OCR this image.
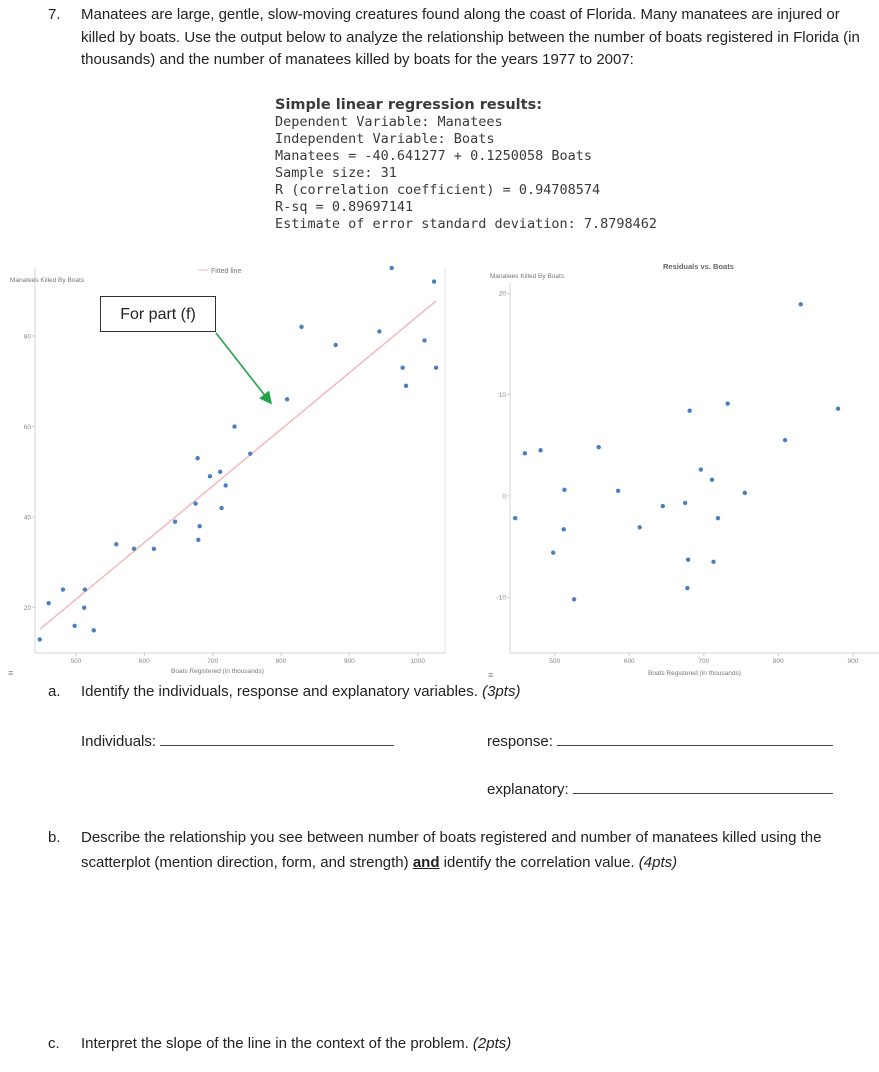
7. Manatees are large, gentle, slow-moving creatures found along the coast of Florida. Many manatees are injured or killed by boats. Use the output below to analyze the relationship between the number of boats registered in Florida (in thousands) and the number of manatees killed by boats for the years 1977 to 2007:
Simple linear regression results:
Dependent Variable: Manatees
Independent Variable: Boats
Manatees = -40.641277 + 0.1250058 Boats
Sample size: 31
R (correlation coefficient) = 0.94708574
R-sq = 0.89697141
Estimate of error standard deviation: 7.8798462
Fitted line
Manatees Killed By Boats
Boats Registered (in thousands)
≡
500	600	700	800	900	1000
20
40
60
80
Residuals vs. Boats
Manatees Killed By Boats
Boats Registered (in thousands)
≡
500	600	700	800	900
20
10
0
-10
For part (f)
a. Identify the individuals, response and explanatory variables. (3pts)
Individuals:	response:
explanatory:
b. Describe the relationship you see between number of boats registered and number of manatees killed using the scatterplot (mention direction, form, and strength) and identify the correlation value. (4pts)
c. Interpret the slope of the line in the context of the problem. (2pts)
